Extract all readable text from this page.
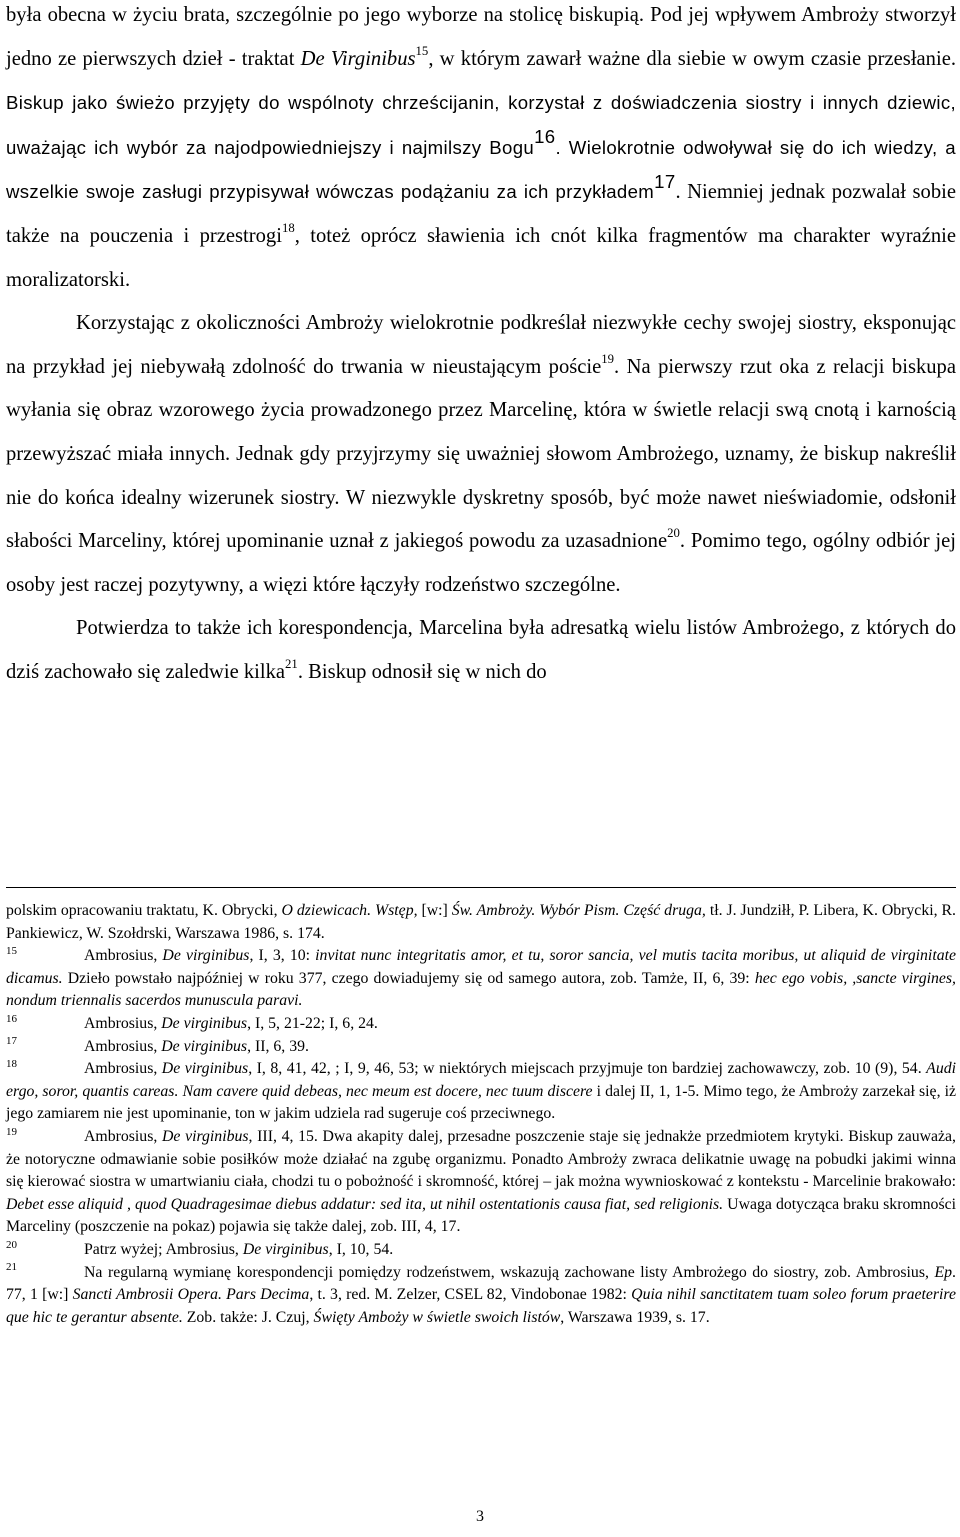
była obecna w życiu brata, szczególnie po jego wyborze na stolicę biskupią. Pod jej wpływem Ambroży stworzył jedno ze pierwszych dzieł - traktat De Virginibus$^{15}$, w którym zawarł ważne dla siebie w owym czasie przesłanie. Biskup jako świeżo przyjęty do wspólnoty chrześcijanin, korzystał z doświadczenia siostry i innych dziewic, uważając ich wybór za najodpowiedniejszy i najmilszy Bogu$^{16}$. Wielokrotnie odwoływał się do ich wiedzy, a wszelkie swoje zasługi przypisywał wówczas podążaniu za ich przykładem$^{17}$. Niemniej jednak pozwalał sobie także na pouczenia i przestrogi$^{18}$, toteż oprócz sławienia ich cnót kilka fragmentów ma charakter wyraźnie moralizatorski.

Korzystając z okoliczności Ambroży wielokrotnie podkreślał niezwykłe cechy swojej siostry, eksponując na przykład jej niebywałą zdolność do trwania w nieustającym poście$^{19}$. Na pierwszy rzut oka z relacji biskupa wyłania się obraz wzorowego życia prowadzonego przez Marcelinę, która w świetle relacji swą cnotą i karnością przewyższać miała innych. Jednak gdy przyjrzymy się uważniej słowom Ambrożego, uznamy, że biskup nakreślił nie do końca idealny wizerunek siostry. W niezwykle dyskretny sposób, być może nawet nieświadomie, odsłonił słabości Marceliny, której upominanie uznał z jakiegoś powodu za uzasadnione$^{20}$. Pomimo tego, ogólny odbiór jej osoby jest raczej pozytywny, a więzi które łączyły rodzeństwo szczególne.

Potwierdza to także ich korespondencja, Marcelina była adresatką wielu listów Ambrożego, z których do dziś zachowało się zaledwie kilka$^{21}$. Biskup odnosił się w nich do

polskim opracowaniu traktatu, K. Obrycki, O dziewicach. Wstęp, [w:] Św. Ambroży. Wybór Pism. Część druga, tł. J. Jundziłł, P. Libera, K. Obrycki, R. Pankiewicz, W. Szołdrski, Warszawa 1986, s. 174.

15	Ambrosius, De virginibus, I, 3, 10: invitat nunc integritatis amor, et tu, soror sancia, vel mutis tacita moribus, ut aliquid de virginitate dicamus. Dzieło powstało najpóźniej w roku 377, czego dowiadujemy się od samego autora, zob. Tamże, II, 6, 39: hec ego vobis, ,sancte virgines, nondum triennalis sacerdos munuscula paravi.

16	Ambrosius, De virginibus, I, 5, 21-22; I, 6, 24.

17	Ambrosius, De virginibus, II, 6, 39.

18	Ambrosius, De virginibus, I, 8, 41, 42, ; I, 9, 46, 53; w niektórych miejscach przyjmuje ton bardziej zachowawczy, zob. 10 (9), 54. Audi ergo, soror, quantis careas. Nam cavere quid debeas, nec meum est docere, nec tuum discere i dalej II, 1, 1-5. Mimo tego, że Ambroży zarzekał się, iż jego zamiarem nie jest upominanie, ton w jakim udziela rad sugeruje coś przeciwnego.

19	Ambrosius, De virginibus, III, 4, 15. Dwa akapity dalej, przesadne poszczenie staje się jednakże przedmiotem krytyki. Biskup zauważa, że notoryczne odmawianie sobie posiłków może działać na zgubę organizmu. Ponadto Ambroży zwraca delikatnie uwagę na pobudki jakimi winna się kierować siostra w umartwianiu ciała, chodzi tu o pobożność i skromność, której – jak można wywnioskować z kontekstu - Marcelinie brakowało: Debet esse aliquid , quod Quadragesimae diebus addatur: sed ita, ut nihil ostentationis causa fiat, sed religionis. Uwaga dotycząca braku skromności Marceliny (poszczenie na pokaz) pojawia się także dalej, zob. III, 4, 17.

20	Patrz wyżej; Ambrosius, De virginibus, I, 10, 54.

21	Na regularną wymianę korespondencji pomiędzy rodzeństwem, wskazują zachowane listy Ambrożego do siostry, zob. Ambrosius, Ep. 77, 1 [w:] Sancti Ambrosii Opera. Pars Decima, t. 3, red. M. Zelzer, CSEL 82, Vindobonae 1982: Quia nihil sanctitatem tuam soleo forum praeterire que hic te gerantur absente. Zob. także: J. Czuj, Święty Amboży w świetle swoich listów, Warszawa 1939, s. 17.

3
